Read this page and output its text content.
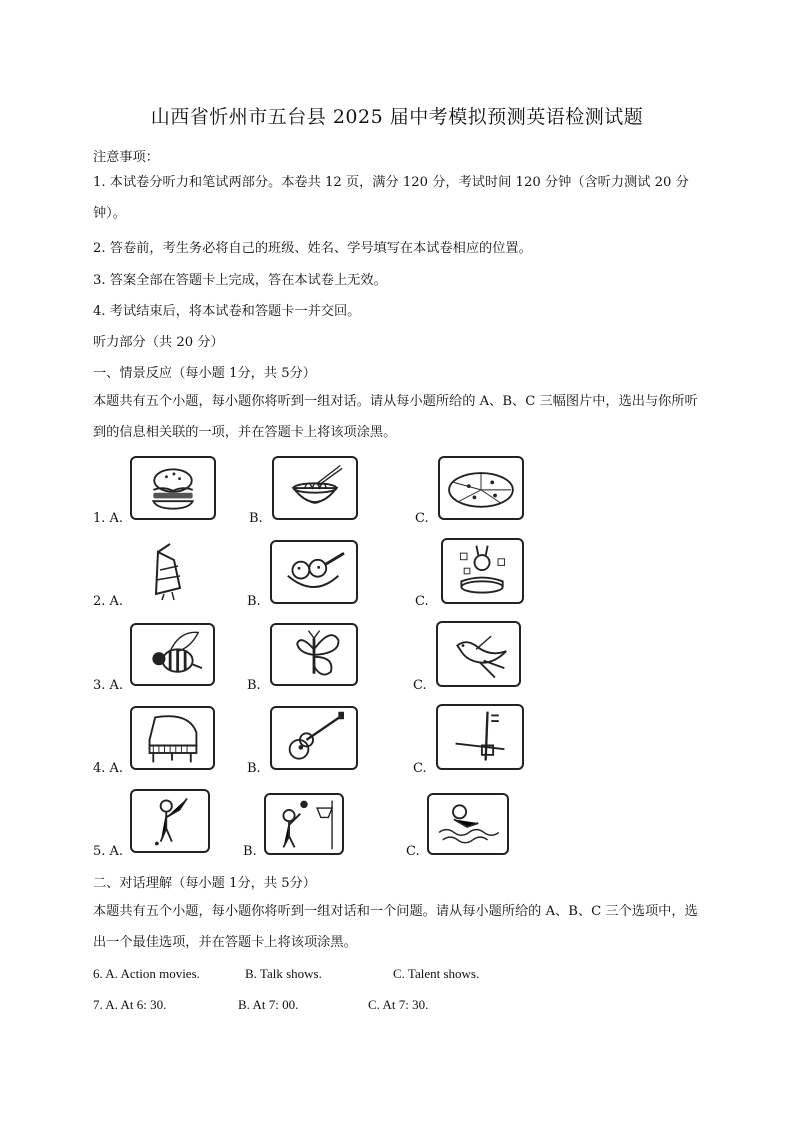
山西省忻州市五台县 2025 届中考模拟预测英语检测试题
注意事项：
1. 本试卷分听力和笔试两部分。本卷共 12 页，满分 120 分，考试时间 120 分钟（含听力测试 20 分钟）。
2. 答卷前，考生务必将自己的班级、姓名、学号填写在本试卷相应的位置。
3. 答案全部在答题卡上完成，答在本试卷上无效。
4. 考试结束后，将本试卷和答题卡一并交回。
听力部分（共 20 分）
一、情景反应（每小题 1分，共 5分）
本题共有五个小题，每小题你将听到一组对话。请从每小题所给的 A、B、C 三幅图片中，选出与你所听到的信息相关联的一项，并在答题卡上将该项涂黑。
1. A.	B.	C.
2. A.	B.	C.
3. A.	B.	C.
4. A.	B.	C.
5. A.	B.	C.
二、对话理解（每小题 1分，共 5分）
本题共有五个小题，每小题你将听到一组对话和一个问题。请从每小题所给的 A、B、C 三个选项中，选出一个最佳选项，并在答题卡上将该项涂黑。
6. A. Action movies.	B. Talk shows.	C. Talent shows.
7. A. At 6: 30.	B. At 7: 00.	C. At 7: 30.
